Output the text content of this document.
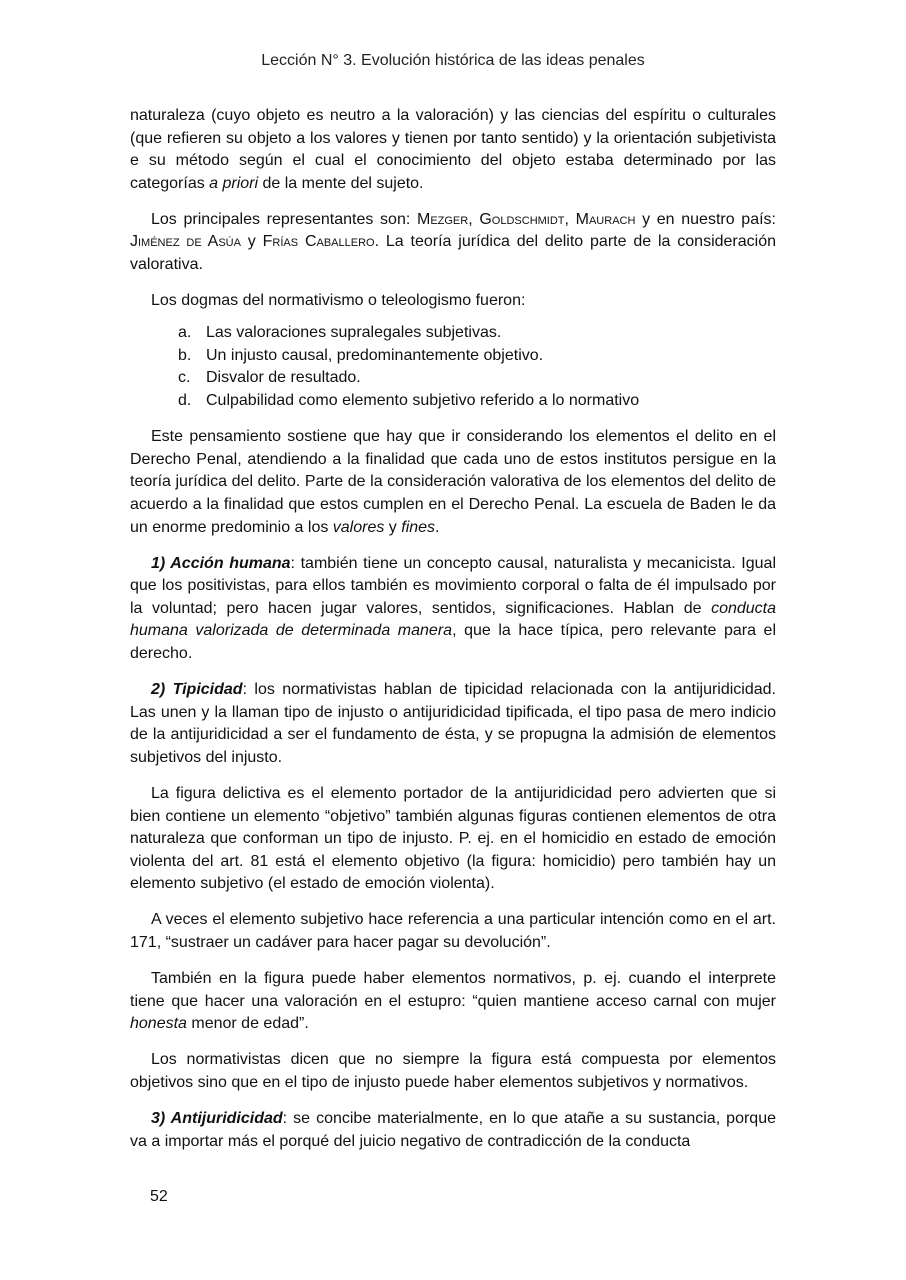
Lección N° 3. Evolución histórica de las ideas penales

naturaleza (cuyo objeto es neutro a la valoración) y las ciencias del espíritu o culturales (que refieren su objeto a los valores y tienen por tanto sentido) y la orientación subjetivista e su método según el cual el conocimiento del objeto estaba determinado por las categorías a priori de la mente del sujeto.

Los principales representantes son: Mezger, Goldschmidt, Maurach y en nuestro país: Jiménez de Asúa y Frías Caballero. La teoría jurídica del delito parte de la consideración valorativa.

Los dogmas del normativismo o teleologismo fueron:

a. Las valoraciones supralegales subjetivas.
b. Un injusto causal, predominantemente objetivo.
c. Disvalor de resultado.
d. Culpabilidad como elemento subjetivo referido a lo normativo

Este pensamiento sostiene que hay que ir considerando los elementos el delito en el Derecho Penal, atendiendo a la finalidad que cada uno de estos institutos persigue en la teoría jurídica del delito. Parte de la consideración valorativa de los elementos del delito de acuerdo a la finalidad que estos cumplen en el Derecho Penal. La escuela de Baden le da un enorme predominio a los valores y fines.

1) Acción humana: también tiene un concepto causal, naturalista y mecanicista. Igual que los positivistas, para ellos también es movimiento corporal o falta de él impulsado por la voluntad; pero hacen jugar valores, sentidos, significaciones. Hablan de conducta humana valorizada de determinada manera, que la hace típica, pero relevante para el derecho.

2) Tipicidad: los normativistas hablan de tipicidad relacionada con la antijuridicidad. Las unen y la llaman tipo de injusto o antijuridicidad tipificada, el tipo pasa de mero indicio de la antijuridicidad a ser el fundamento de ésta, y se propugna la admisión de elementos subjetivos del injusto.

La figura delictiva es el elemento portador de la antijuridicidad pero advierten que si bien contiene un elemento “objetivo” también algunas figuras contienen elementos de otra naturaleza que conforman un tipo de injusto. P. ej. en el homicidio en estado de emoción violenta del art. 81 está el elemento objetivo (la figura: homicidio) pero también hay un elemento subjetivo (el estado de emoción violenta).

A veces el elemento subjetivo hace referencia a una particular intención como en el art. 171, “sustraer un cadáver para hacer pagar su devolución”.

También en la figura puede haber elementos normativos, p. ej. cuando el interprete tiene que hacer una valoración en el estupro: “quien mantiene acceso carnal con mujer honesta menor de edad”.

Los normativistas dicen que no siempre la figura está compuesta por elementos objetivos sino que en el tipo de injusto puede haber elementos subjetivos y normativos.

3) Antijuridicidad: se concibe materialmente, en lo que atañe a su sustancia, porque va a importar más el porqué del juicio negativo de contradicción de la conducta

52
